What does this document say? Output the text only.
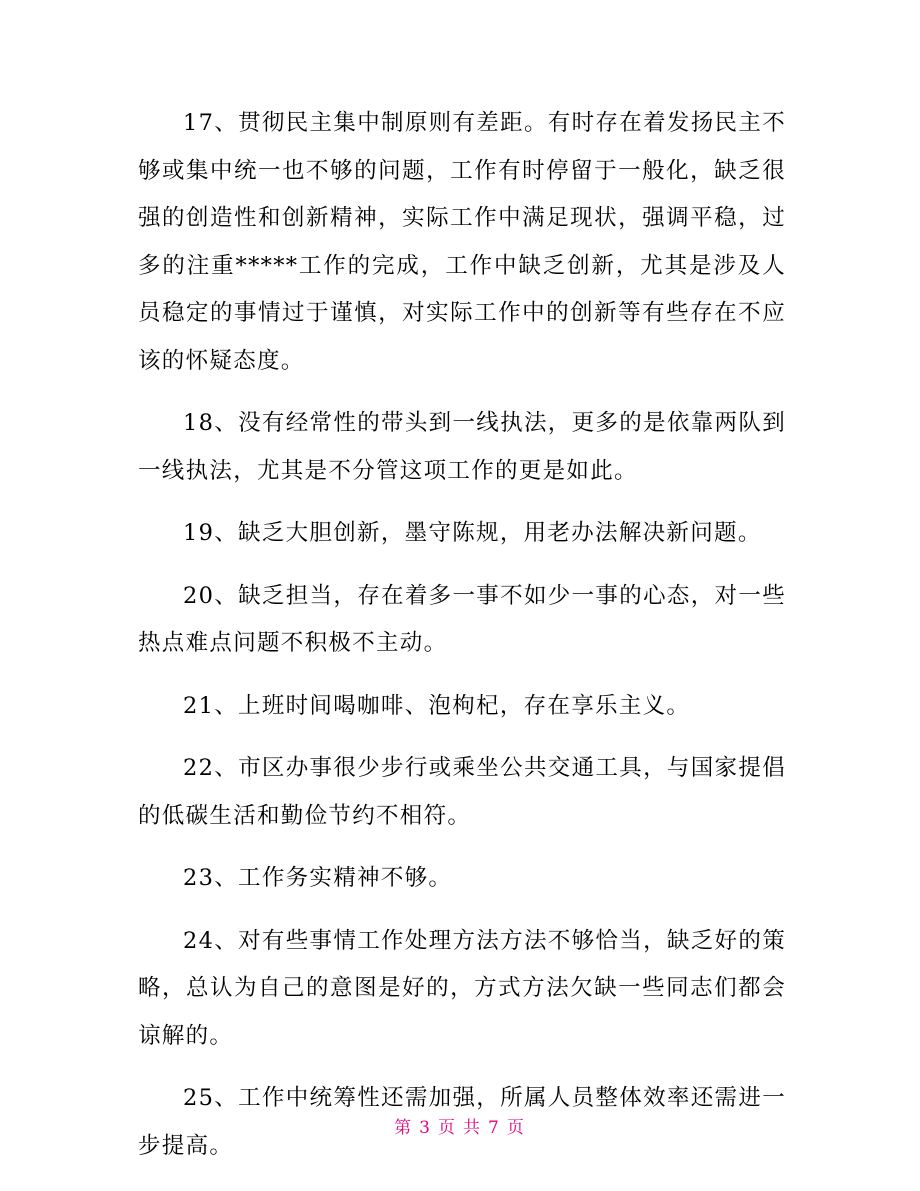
17、贯彻民主集中制原则有差距。有时存在着发扬民主不够或集中统一也不够的问题，工作有时停留于一般化，缺乏很强的创造性和创新精神，实际工作中满足现状，强调平稳，过多的注重*****工作的完成，工作中缺乏创新，尤其是涉及人员稳定的事情过于谨慎，对实际工作中的创新等有些存在不应该的怀疑态度。

18、没有经常性的带头到一线执法，更多的是依靠两队到一线执法，尤其是不分管这项工作的更是如此。

19、缺乏大胆创新，墨守陈规，用老办法解决新问题。

20、缺乏担当，存在着多一事不如少一事的心态，对一些热点难点问题不积极不主动。

21、上班时间喝咖啡、泡枸杞，存在享乐主义。

22、市区办事很少步行或乘坐公共交通工具，与国家提倡的低碳生活和勤俭节约不相符。

23、工作务实精神不够。

24、对有些事情工作处理方法方法不够恰当，缺乏好的策略，总认为自己的意图是好的，方式方法欠缺一些同志们都会谅解的。

25、工作中统筹性还需加强，所属人员整体效率还需进一步提高。

第 3 页 共 7 页
